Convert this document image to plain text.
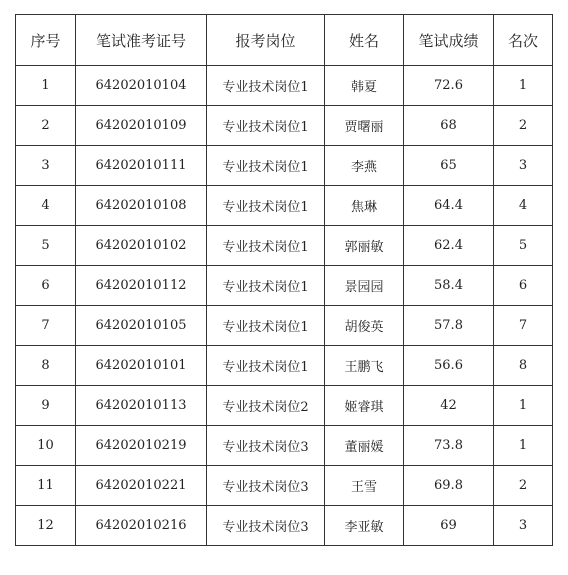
序号	笔试准考证号	报考岗位	姓名	笔试成绩	名次
1	64202010104	专业技术岗位1	韩夏	72.6	1
2	64202010109	专业技术岗位1	贾曙丽	68	2
3	64202010111	专业技术岗位1	李燕	65	3
4	64202010108	专业技术岗位1	焦琳	64.4	4
5	64202010102	专业技术岗位1	郭丽敏	62.4	5
6	64202010112	专业技术岗位1	景园园	58.4	6
7	64202010105	专业技术岗位1	胡俊英	57.8	7
8	64202010101	专业技术岗位1	王鹏飞	56.6	8
9	64202010113	专业技术岗位2	姬睿琪	42	1
10	64202010219	专业技术岗位3	董丽媛	73.8	1
11	64202010221	专业技术岗位3	王雪	69.8	2
12	64202010216	专业技术岗位3	李亚敏	69	3
